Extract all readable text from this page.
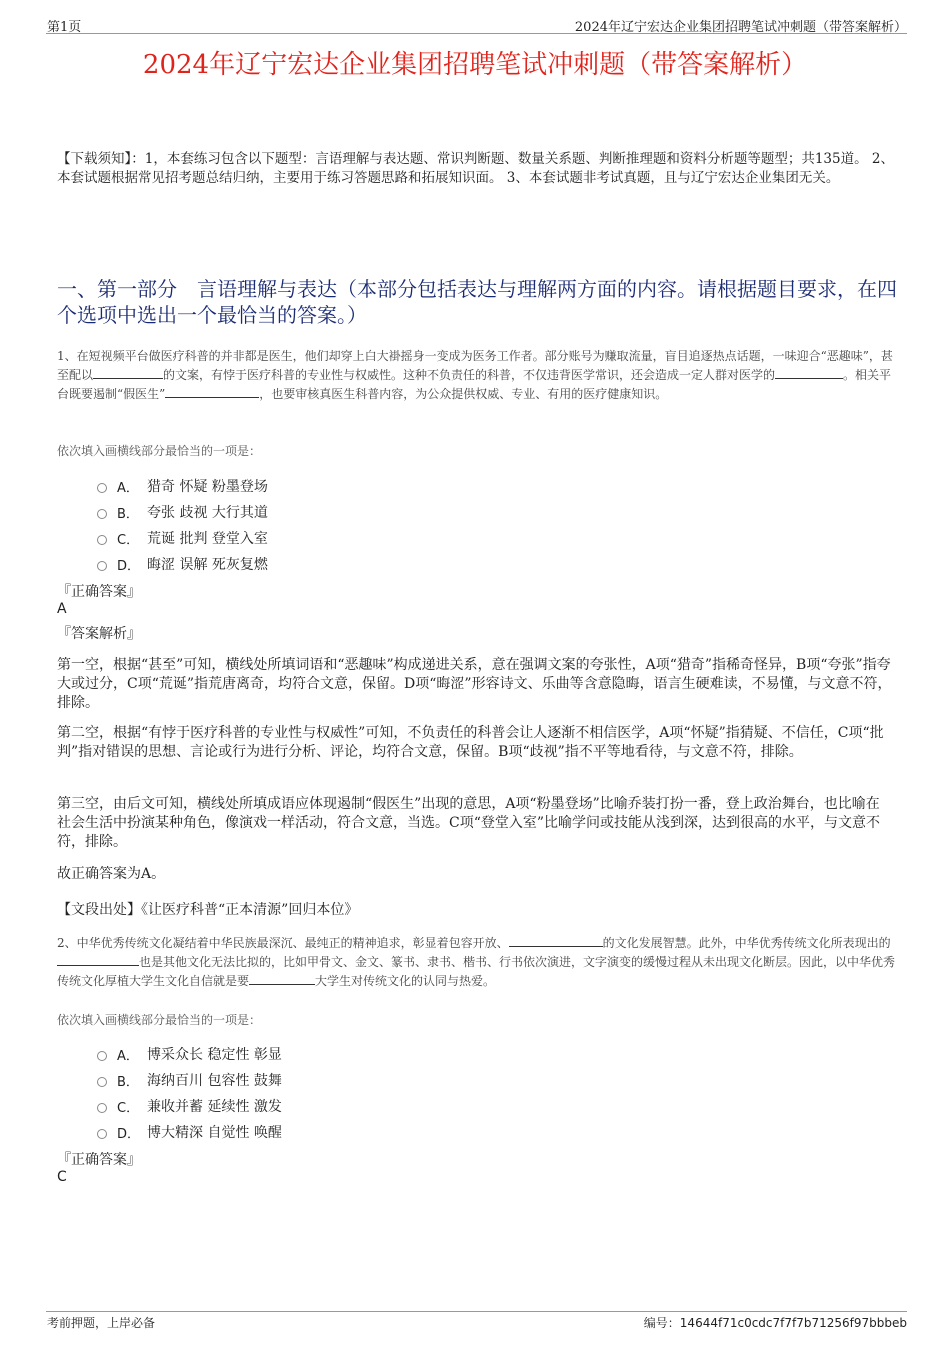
第1页	2024年辽宁宏达企业集团招聘笔试冲刺题（带答案解析）
2024年辽宁宏达企业集团招聘笔试冲刺题（带答案解析）
【下载须知】：1，本套练习包含以下题型：言语理解与表达题、常识判断题、数量关系题、判断推理题和资料分析题等题型；共135道。 2、本套试题根据常见招考题总结归纳，主要用于练习答题思路和拓展知识面。 3、本套试题非考试真题，且与辽宁宏达企业集团无关。
一、第一部分　言语理解与表达（本部分包括表达与理解两方面的内容。请根据题目要求，在四个选项中选出一个最恰当的答案。）
1、在短视频平台做医疗科普的并非都是医生，他们却穿上白大褂摇身一变成为医务工作者。部分账号为赚取流量，盲目追逐热点话题，一味迎合“恶趣味”，甚至配以	的文案，有悖于医疗科普的专业性与权威性。这种不负责任的科普，不仅违背医学常识，还会造成一定人群对医学的	。相关平台既要遏制“假医生”	，也要审核真医生科普内容，为公众提供权威、专业、有用的医疗健康知识。
依次填入画横线部分最恰当的一项是：
A． 猎奇 怀疑 粉墨登场
B． 夸张 歧视 大行其道
C． 荒诞 批判 登堂入室
D． 晦涩 误解 死灰复燃
『正确答案』
A
『答案解析』
第一空，根据“甚至”可知，横线处所填词语和“恶趣味”构成递进关系，意在强调文案的夸张性，A项“猎奇”指稀奇怪异，B项“夸张”指夸大或过分，C项“荒诞”指荒唐离奇，均符合文意，保留。D项“晦涩”形容诗文、乐曲等含意隐晦，语言生硬难读，不易懂，与文意不符，排除。
第二空，根据“有悖于医疗科普的专业性与权威性”可知，不负责任的科普会让人逐渐不相信医学，A项“怀疑”指猜疑、不信任，C项“批判”指对错误的思想、言论或行为进行分析、评论，均符合文意，保留。B项“歧视”指不平等地看待，与文意不符，排除。
第三空，由后文可知，横线处所填成语应体现遏制“假医生”出现的意思，A项“粉墨登场”比喻乔装打扮一番，登上政治舞台，也比喻在社会生活中扮演某种角色，像演戏一样活动，符合文意，当选。C项“登堂入室”比喻学问或技能从浅到深，达到很高的水平，与文意不符，排除。
故正确答案为A。
【文段出处】《让医疗科普“正本清源”回归本位》
2、中华优秀传统文化凝结着中华民族最深沉、最纯正的精神追求，彰显着包容开放、	的文化发展智慧。此外，中华优秀传统文化所表现出的也是其他文化无法比拟的，比如甲骨文、金文、篆书、隶书、楷书、行书依次演进，文字演变的缓慢过程从未出现文化断层。因此，以中华优秀传统文化厚植大学生文化自信就是要	大学生对传统文化的认同与热爱。
依次填入画横线部分最恰当的一项是：
A． 博采众长 稳定性 彰显
B． 海纳百川 包容性 鼓舞
C． 兼收并蓄 延续性 激发
D． 博大精深 自觉性 唤醒
『正确答案』
C
考前押题，上岸必备	编号：14644f71c0cdc7f7f7b71256f97bbbeb
